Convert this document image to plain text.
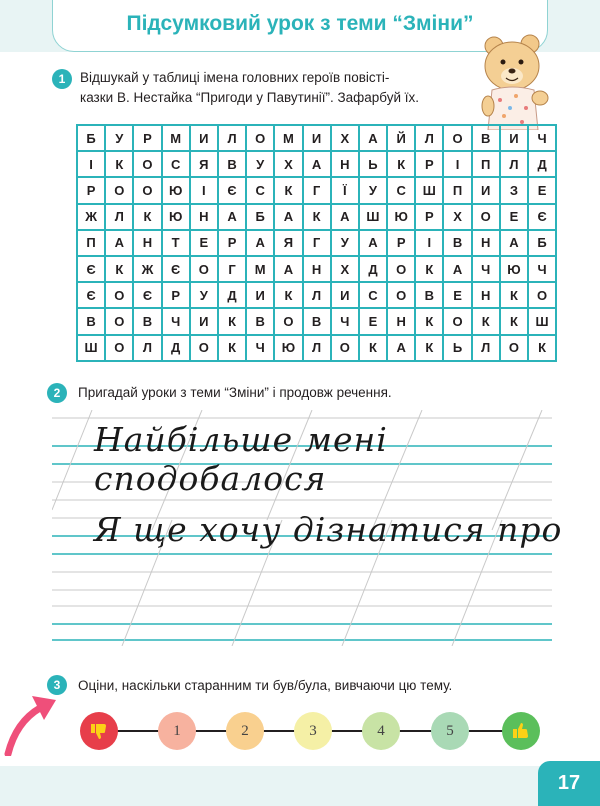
Підсумковий урок з теми “Зміни”
1	Відшукай у таблиці імена головних героїв повісті-
казки В. Нестайка “Пригоди у Павутинії”. Зафарбуй їх.
Б	У	Р	М	И	Л	О	М	И	Х	А	Й	Л	О	В	И	Ч
І	К	О	С	Я	В	У	Х	А	Н	Ь	К	Р	І	П	Л	Д
Р	О	О	Ю	І	Є	С	К	Г	Ї	У	С	Ш	П	И	З	Е
Ж	Л	К	Ю	Н	А	Б	А	К	А	Ш	Ю	Р	Х	О	Е	Є
П	А	Н	Т	Е	Р	А	Я	Г	У	А	Р	І	В	Н	А	Б
Є	К	Ж	Є	О	Г	М	А	Н	Х	Д	О	К	А	Ч	Ю	Ч
Є	О	Є	Р	У	Д	И	К	Л	И	С	О	В	Е	Н	К	О
В	О	В	Ч	И	К	В	О	В	Ч	Е	Н	К	О	К	К	Ш
Ш	О	Л	Д	О	К	Ч	Ю	Л	О	К	А	К	Ь	Л	О	К
2	Пригадай уроки з теми “Зміни” і продовж речення.
Найбільше мені сподобалося
Я ще хочу дізнатися про
3	Оціни, наскільки старанним ти був/була, вивчаючи цю тему.
1	2	3	4	5
17
